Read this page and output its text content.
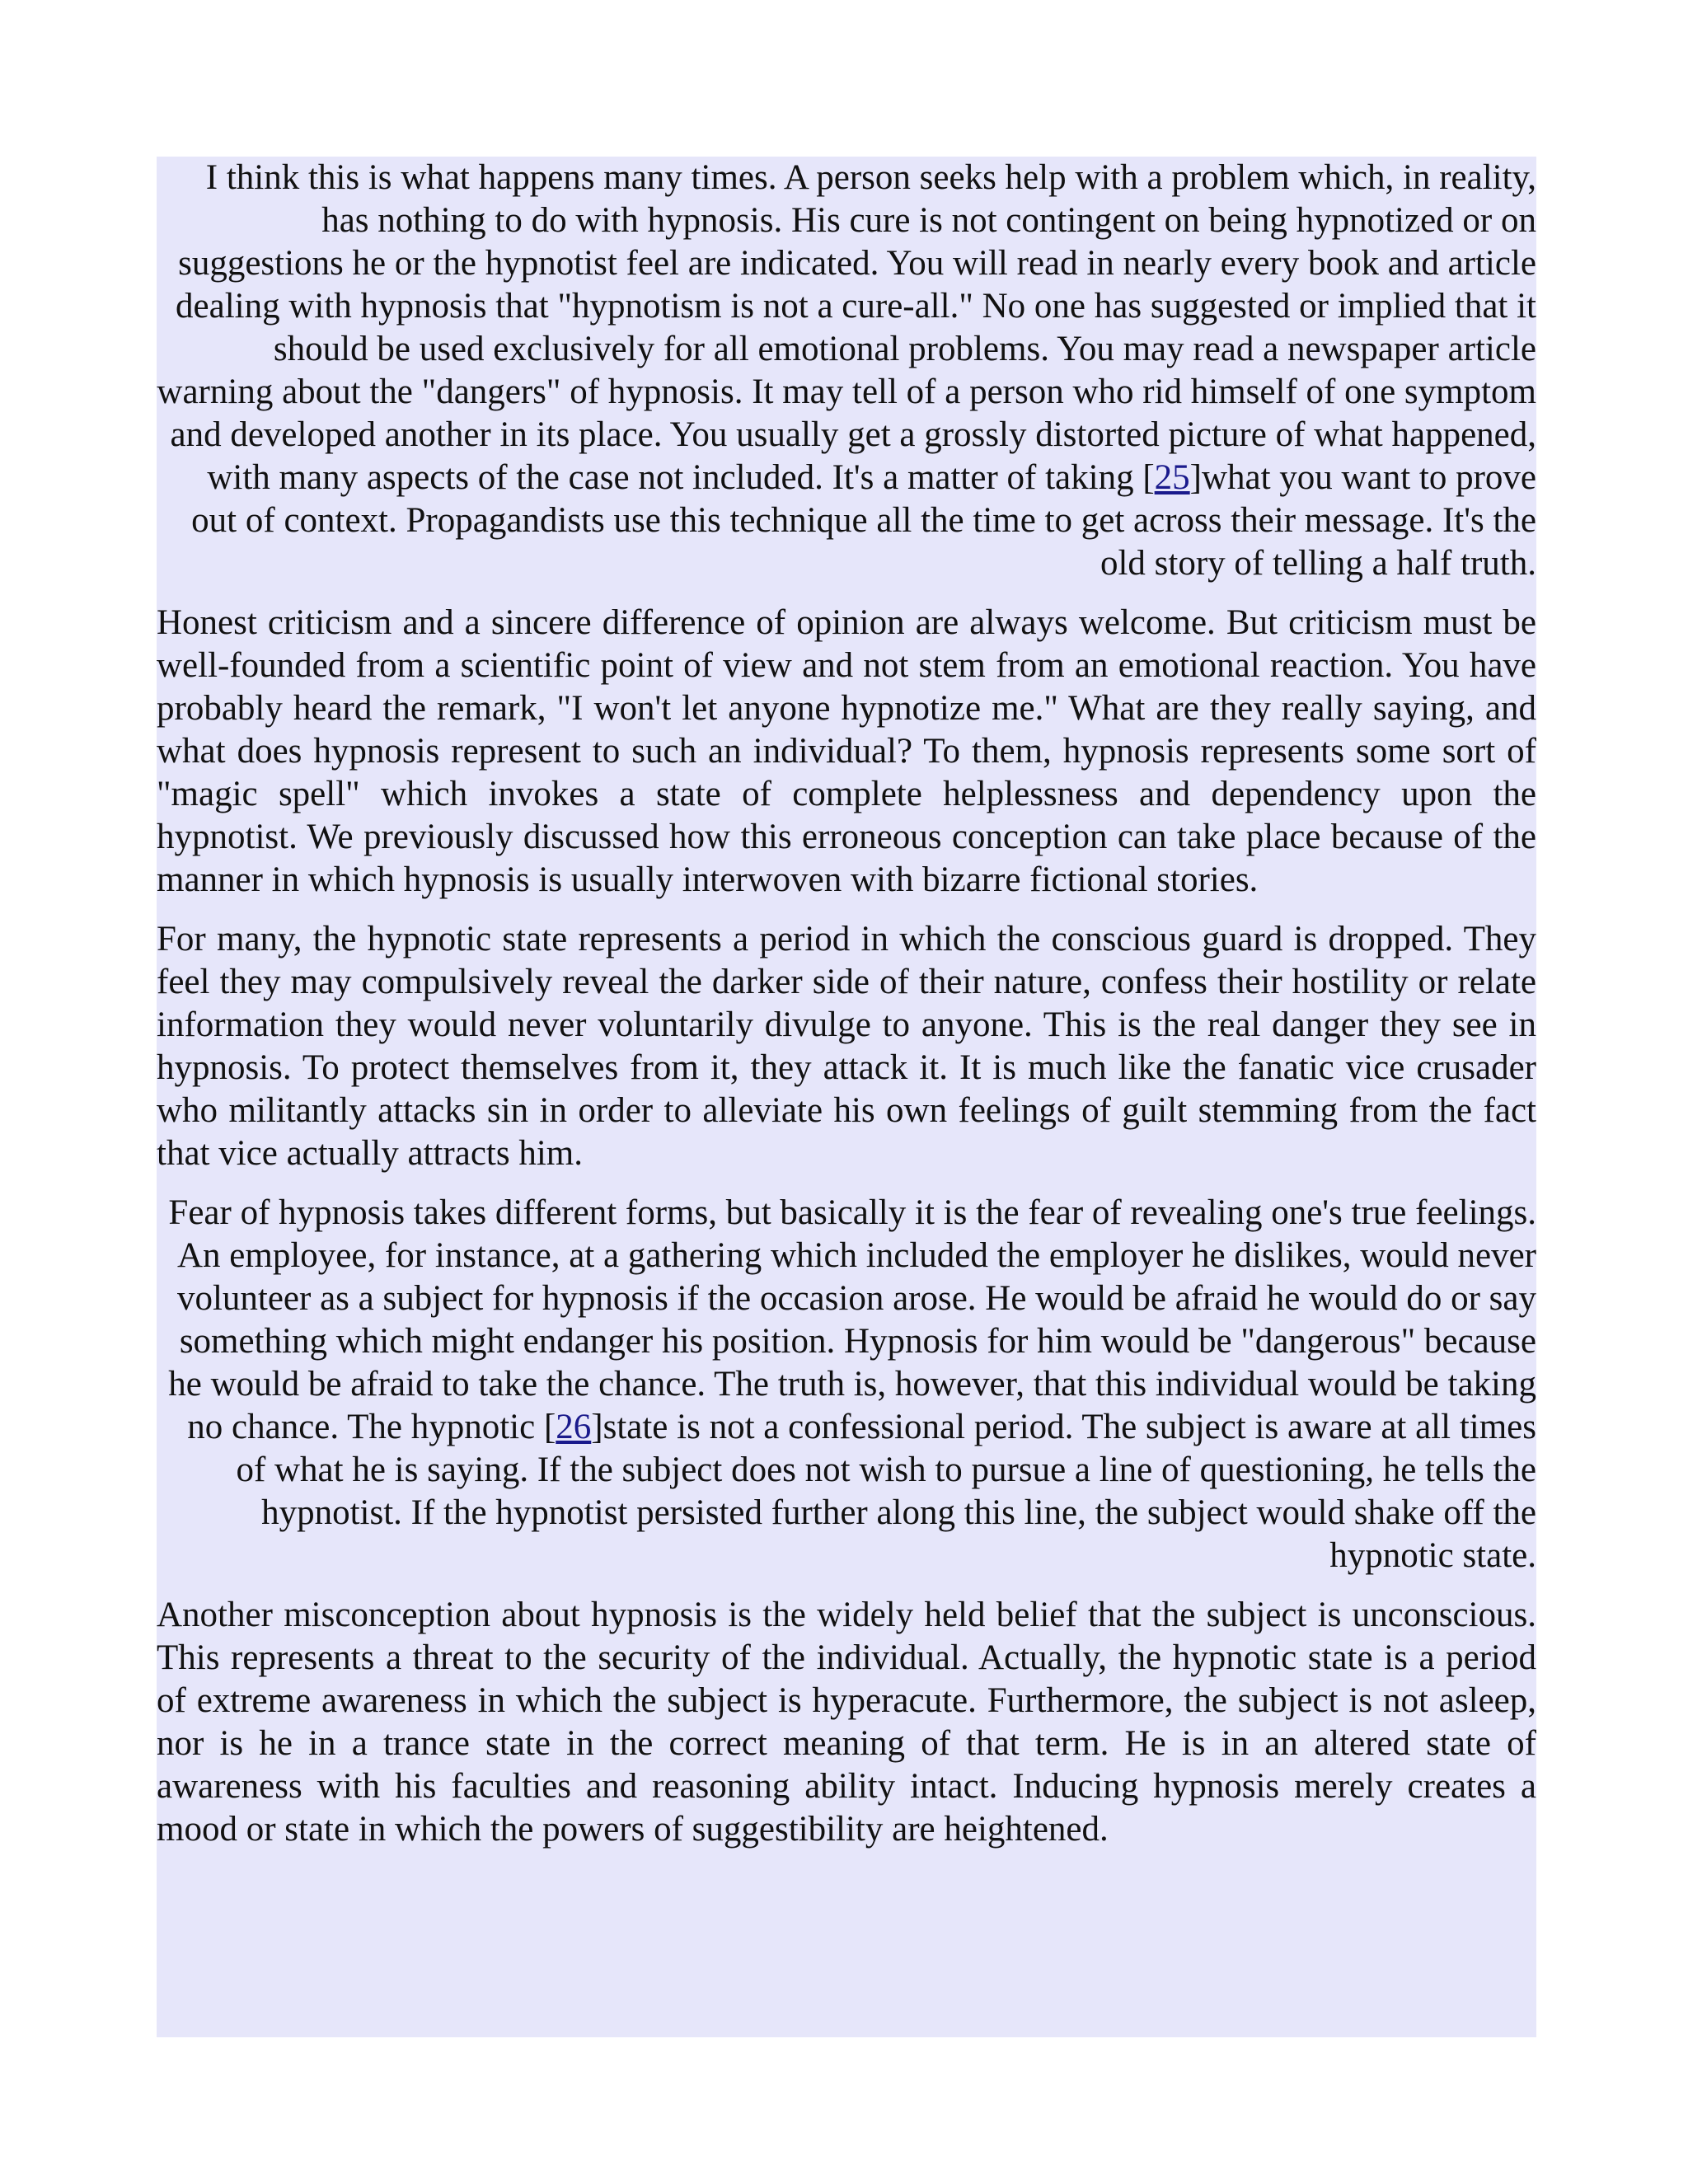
I think this is what happens many times. A person seeks help with a problem which, in reality, has nothing to do with hypnosis. His cure is not contingent on being hypnotized or on suggestions he or the hypnotist feel are indicated. You will read in nearly every book and article dealing with hypnosis that "hypnotism is not a cure-all." No one has suggested or implied that it should be used exclusively for all emotional problems. You may read a newspaper article warning about the "dangers" of hypnosis. It may tell of a person who rid himself of one symptom and developed another in its place. You usually get a grossly distorted picture of what happened, with many aspects of the case not included. It's a matter of taking [25]what you want to prove out of context. Propagandists use this technique all the time to get across their message. It's the old story of telling a half truth.

Honest criticism and a sincere difference of opinion are always welcome. But criticism must be well-founded from a scientific point of view and not stem from an emotional reaction. You have probably heard the remark, "I won't let anyone hypnotize me." What are they really saying, and what does hypnosis represent to such an individual? To them, hypnosis represents some sort of "magic spell" which invokes a state of complete helplessness and dependency upon the hypnotist. We previously discussed how this erroneous conception can take place because of the manner in which hypnosis is usually interwoven with bizarre fictional stories.

For many, the hypnotic state represents a period in which the conscious guard is dropped. They feel they may compulsively reveal the darker side of their nature, confess their hostility or relate information they would never voluntarily divulge to anyone. This is the real danger they see in hypnosis. To protect themselves from it, they attack it. It is much like the fanatic vice crusader who militantly attacks sin in order to alleviate his own feelings of guilt stemming from the fact that vice actually attracts him.

Fear of hypnosis takes different forms, but basically it is the fear of revealing one's true feelings. An employee, for instance, at a gathering which included the employer he dislikes, would never volunteer as a subject for hypnosis if the occasion arose. He would be afraid he would do or say something which might endanger his position. Hypnosis for him would be "dangerous" because he would be afraid to take the chance. The truth is, however, that this individual would be taking no chance. The hypnotic [26]state is not a confessional period. The subject is aware at all times of what he is saying. If the subject does not wish to pursue a line of questioning, he tells the hypnotist. If the hypnotist persisted further along this line, the subject would shake off the hypnotic state.

Another misconception about hypnosis is the widely held belief that the subject is unconscious. This represents a threat to the security of the individual. Actually, the hypnotic state is a period of extreme awareness in which the subject is hyperacute. Furthermore, the subject is not asleep, nor is he in a trance state in the correct meaning of that term. He is in an altered state of awareness with his faculties and reasoning ability intact. Inducing hypnosis merely creates a mood or state in which the powers of suggestibility are heightened.
